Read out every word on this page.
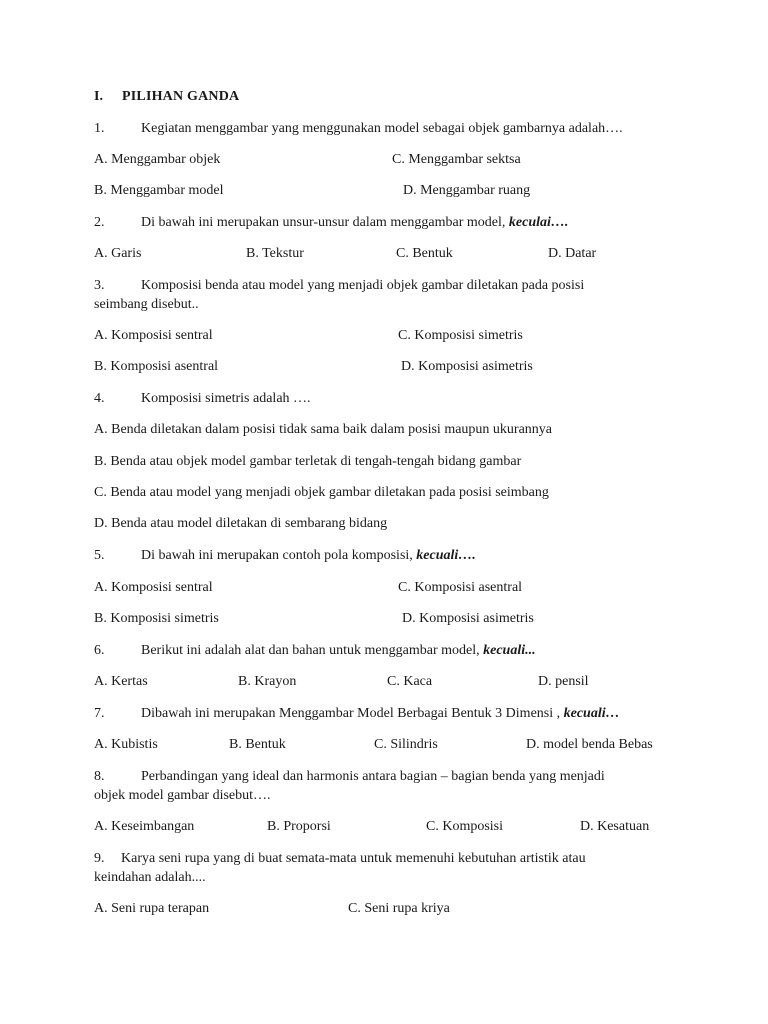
I. PILIHAN GANDA
1.	Kegiatan menggambar yang menggunakan model sebagai objek gambarnya adalah….
A. Menggambar objek	C. Menggambar sektsa
B. Menggambar model	D. Menggambar ruang
2.	Di bawah ini merupakan unsur-unsur dalam menggambar model, keculai….
A. Garis	B. Tekstur	C. Bentuk	D. Datar
3.	Komposisi benda atau model yang menjadi objek gambar diletakan pada posisi
seimbang disebut..
A. Komposisi sentral	C. Komposisi simetris
B. Komposisi asentral	D. Komposisi asimetris
4.	Komposisi simetris adalah ….
A. Benda diletakan dalam posisi tidak sama baik dalam posisi maupun ukurannya
B. Benda atau objek model gambar terletak di tengah-tengah bidang gambar
C. Benda atau model yang menjadi objek gambar diletakan pada posisi seimbang
D. Benda atau model diletakan di sembarang bidang
5.	Di bawah ini merupakan contoh pola komposisi, kecuali….
A. Komposisi sentral	C. Komposisi asentral
B. Komposisi simetris	D. Komposisi asimetris
6.	Berikut ini adalah alat dan bahan untuk menggambar model, kecuali...
A. Kertas	B. Krayon	C. Kaca	D. pensil
7.	Dibawah ini merupakan Menggambar Model Berbagai Bentuk 3 Dimensi , kecuali…
A. Kubistis	B. Bentuk	C. Silindris	D. model benda Bebas
8.	Perbandingan yang ideal dan harmonis antara bagian – bagian benda yang menjadi
objek model gambar disebut….
A. Keseimbangan	B. Proporsi	C. Komposisi	D. Kesatuan
9. Karya seni rupa yang di buat semata-mata untuk memenuhi kebutuhan artistik atau
keindahan adalah....
A. Seni rupa terapan	C. Seni rupa kriya
